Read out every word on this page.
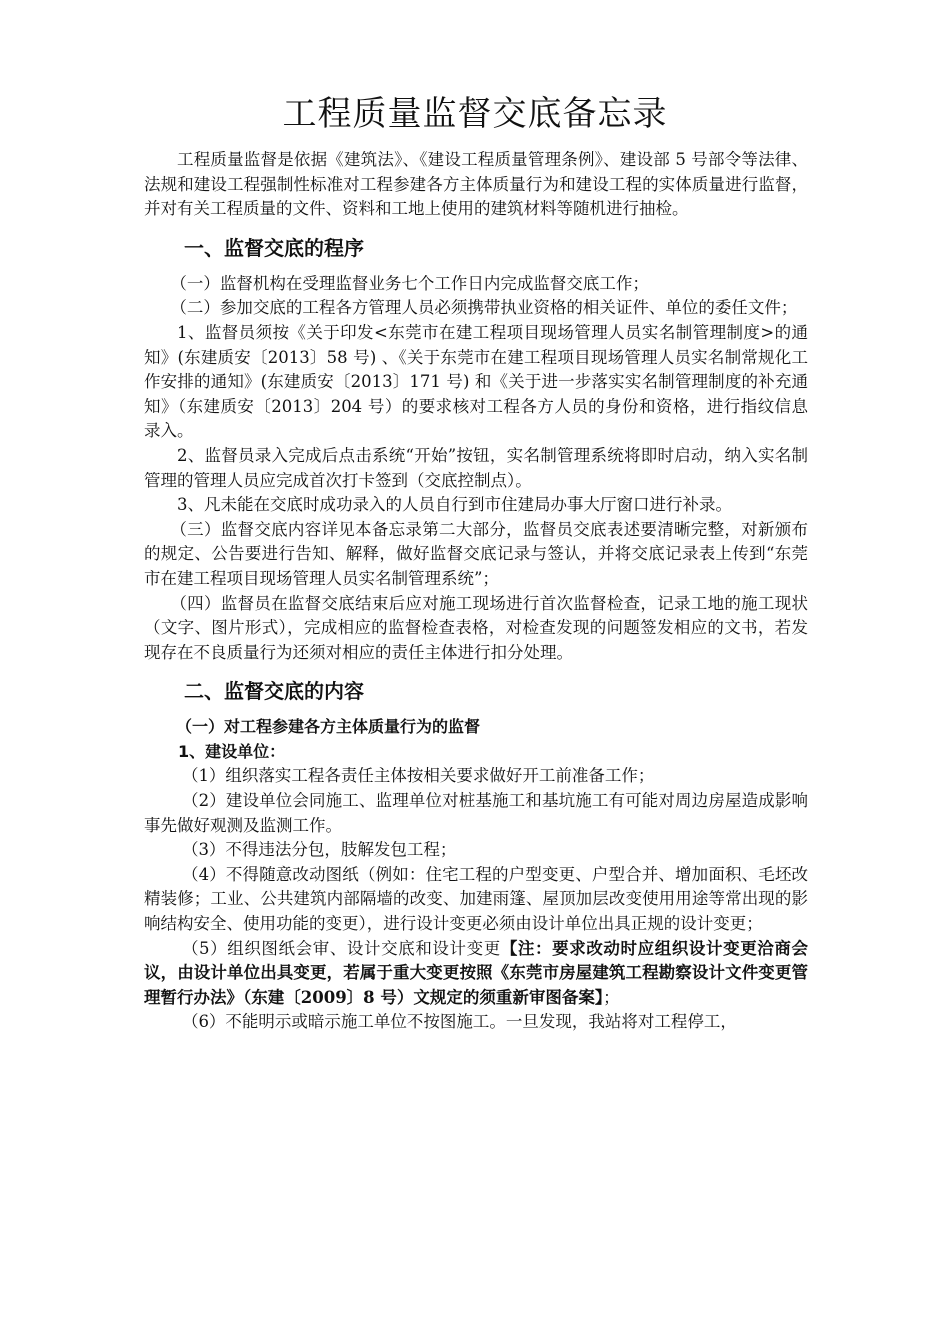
工程质量监督交底备忘录

工程质量监督是依据《建筑法》、《建设工程质量管理条例》、建设部 5 号部令等法律、法规和建设工程强制性标准对工程参建各方主体质量行为和建设工程的实体质量进行监督，并对有关工程质量的文件、资料和工地上使用的建筑材料等随机进行抽检。

一、监督交底的程序

（一）监督机构在受理监督业务七个工作日内完成监督交底工作；

（二）参加交底的工程各方管理人员必须携带执业资格的相关证件、单位的委任文件；

1、监督员须按《关于印发<东莞市在建工程项目现场管理人员实名制管理制度>的通知》(东建质安〔2013〕58 号) 、《关于东莞市在建工程项目现场管理人员实名制常规化工作安排的通知》(东建质安〔2013〕171 号) 和《关于进一步落实实名制管理制度的补充通知》（东建质安〔2013〕204 号）的要求核对工程各方人员的身份和资格，进行指纹信息录入。

2、监督员录入完成后点击系统“开始”按钮，实名制管理系统将即时启动，纳入实名制管理的管理人员应完成首次打卡签到（交底控制点）。

3、凡未能在交底时成功录入的人员自行到市住建局办事大厅窗口进行补录。

（三）监督交底内容详见本备忘录第二大部分，监督员交底表述要清晰完整，对新颁布的规定、公告要进行告知、解释，做好监督交底记录与签认，并将交底记录表上传到“东莞市在建工程项目现场管理人员实名制管理系统”；

（四）监督员在监督交底结束后应对施工现场进行首次监督检查，记录工地的施工现状（文字、图片形式），完成相应的监督检查表格，对检查发现的问题签发相应的文书，若发现存在不良质量行为还须对相应的责任主体进行扣分处理。

二、监督交底的内容
（一）对工程参建各方主体质量行为的监督
1、建设单位：

（1）组织落实工程各责任主体按相关要求做好开工前准备工作；

（2）建设单位会同施工、监理单位对桩基施工和基坑施工有可能对周边房屋造成影响事先做好观测及监测工作。

（3）不得违法分包，肢解发包工程；

（4）不得随意改动图纸（例如：住宅工程的户型变更、户型合并、增加面积、毛坯改精装修；工业、公共建筑内部隔墙的改变、加建雨篷、屋顶加层改变使用用途等常出现的影响结构安全、使用功能的变更），进行设计变更必须由设计单位出具正规的设计变更；

（5）组织图纸会审、设计交底和设计变更【注：要求改动时应组织设计变更洽商会议，由设计单位出具变更，若属于重大变更按照《东莞市房屋建筑工程勘察设计文件变更管理暂行办法》（东建〔2009〕8 号）文规定的须重新审图备案】；

（6）不能明示或暗示施工单位不按图施工。一旦发现，我站将对工程停工，
